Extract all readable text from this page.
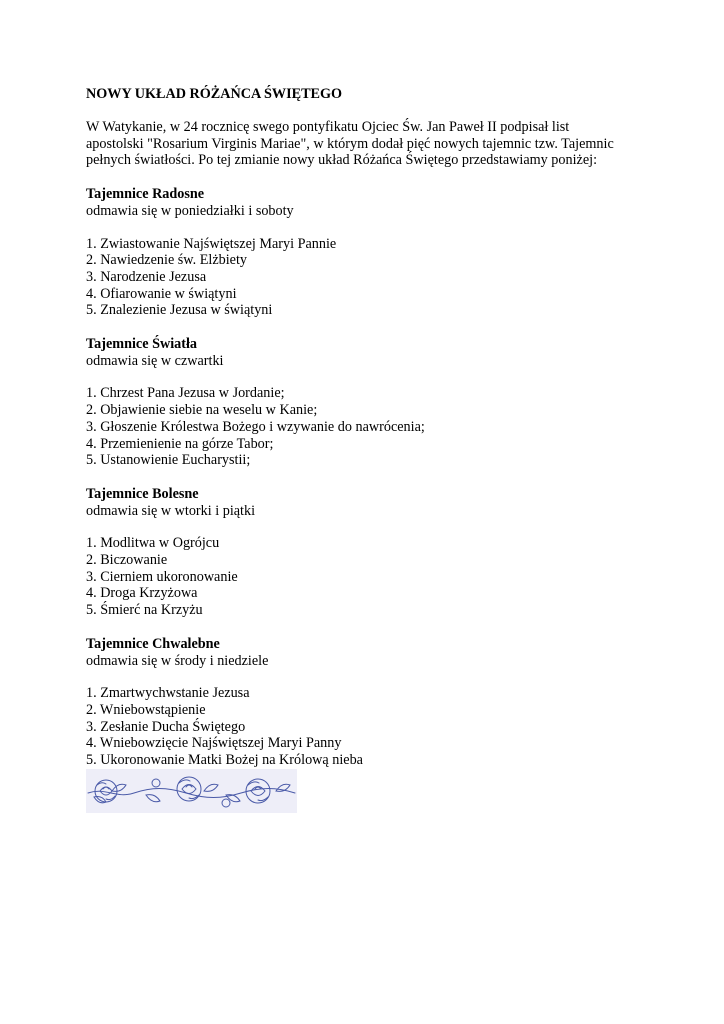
NOWY UKŁAD RÓŻAŃCA ŚWIĘTEGO
W Watykanie, w 24 rocznicę swego pontyfikatu Ojciec Św. Jan Paweł II podpisał list
apostolski "Rosarium Virginis Mariae", w którym dodał pięć nowych tajemnic tzw. Tajemnic
pełnych światłości. Po tej zmianie nowy układ Różańca Świętego przedstawiamy poniżej:
Tajemnice Radosne
odmawia się w poniedziałki i soboty
1. Zwiastowanie Najświętszej Maryi Pannie
2. Nawiedzenie św. Elżbiety
3. Narodzenie Jezusa
4. Ofiarowanie w świątyni
5. Znalezienie Jezusa w świątyni
Tajemnice Światła
odmawia się w czwartki
1. Chrzest Pana Jezusa w Jordanie;
2. Objawienie siebie na weselu w Kanie;
3. Głoszenie Królestwa Bożego i wzywanie do nawrócenia;
4. Przemienienie na górze Tabor;
5. Ustanowienie Eucharystii;
Tajemnice Bolesne
odmawia się w wtorki i piątki
1. Modlitwa w Ogrójcu
2. Biczowanie
3. Cierniem ukoronowanie
4. Droga Krzyżowa
5. Śmierć na Krzyżu
Tajemnice Chwalebne
odmawia się w środy i niedziele
1. Zmartwychwstanie Jezusa
2. Wniebowstąpienie
3. Zesłanie Ducha Świętego
4. Wniebowzięcie Najświętszej Maryi Panny
5. Ukoronowanie Matki Bożej na Królową nieba
